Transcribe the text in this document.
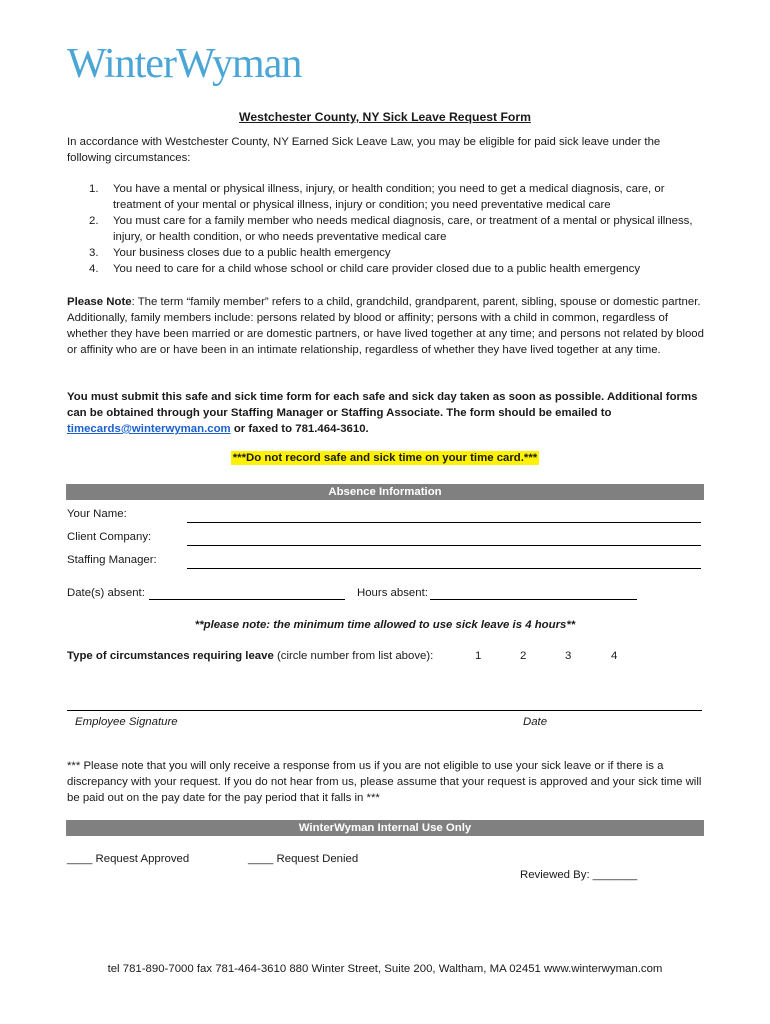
WinterWyman
Westchester County, NY Sick Leave Request Form
In accordance with Westchester County, NY Earned Sick Leave Law, you may be eligible for paid sick leave under the following circumstances:
1. You have a mental or physical illness, injury, or health condition; you need to get a medical diagnosis, care, or treatment of your mental or physical illness, injury or condition; you need preventative medical care
2. You must care for a family member who needs medical diagnosis, care, or treatment of a mental or physical illness, injury, or health condition, or who needs preventative medical care
3. Your business closes due to a public health emergency
4. You need to care for a child whose school or child care provider closed due to a public health emergency
Please Note: The term “family member” refers to a child, grandchild, grandparent, parent, sibling, spouse or domestic partner. Additionally, family members include: persons related by blood or affinity; persons with a child in common, regardless of whether they have been married or are domestic partners, or have lived together at any time; and persons not related by blood or affinity who are or have been in an intimate relationship, regardless of whether they have lived together at any time.
You must submit this safe and sick time form for each safe and sick day taken as soon as possible. Additional forms can be obtained through your Staffing Manager or Staffing Associate. The form should be emailed to timecards@winterwyman.com or faxed to 781.464-3610.
***Do not record safe and sick time on your time card.***
Absence Information
Your Name:
Client Company:
Staffing Manager:
Date(s) absent:	Hours absent:
**please note: the minimum time allowed to use sick leave is 4 hours**
Type of circumstances requiring leave (circle number from list above):	1	2	3	4
Employee Signature	Date
*** Please note that you will only receive a response from us if you are not eligible to use your sick leave or if there is a discrepancy with your request. If you do not hear from us, please assume that your request is approved and your sick time will be paid out on the pay date for the pay period that it falls in ***
WinterWyman Internal Use Only
____ Request Approved	____ Request Denied
Reviewed By: _______
tel 781-890-7000 fax 781-464-3610 880 Winter Street, Suite 200, Waltham, MA 02451 www.winterwyman.com
